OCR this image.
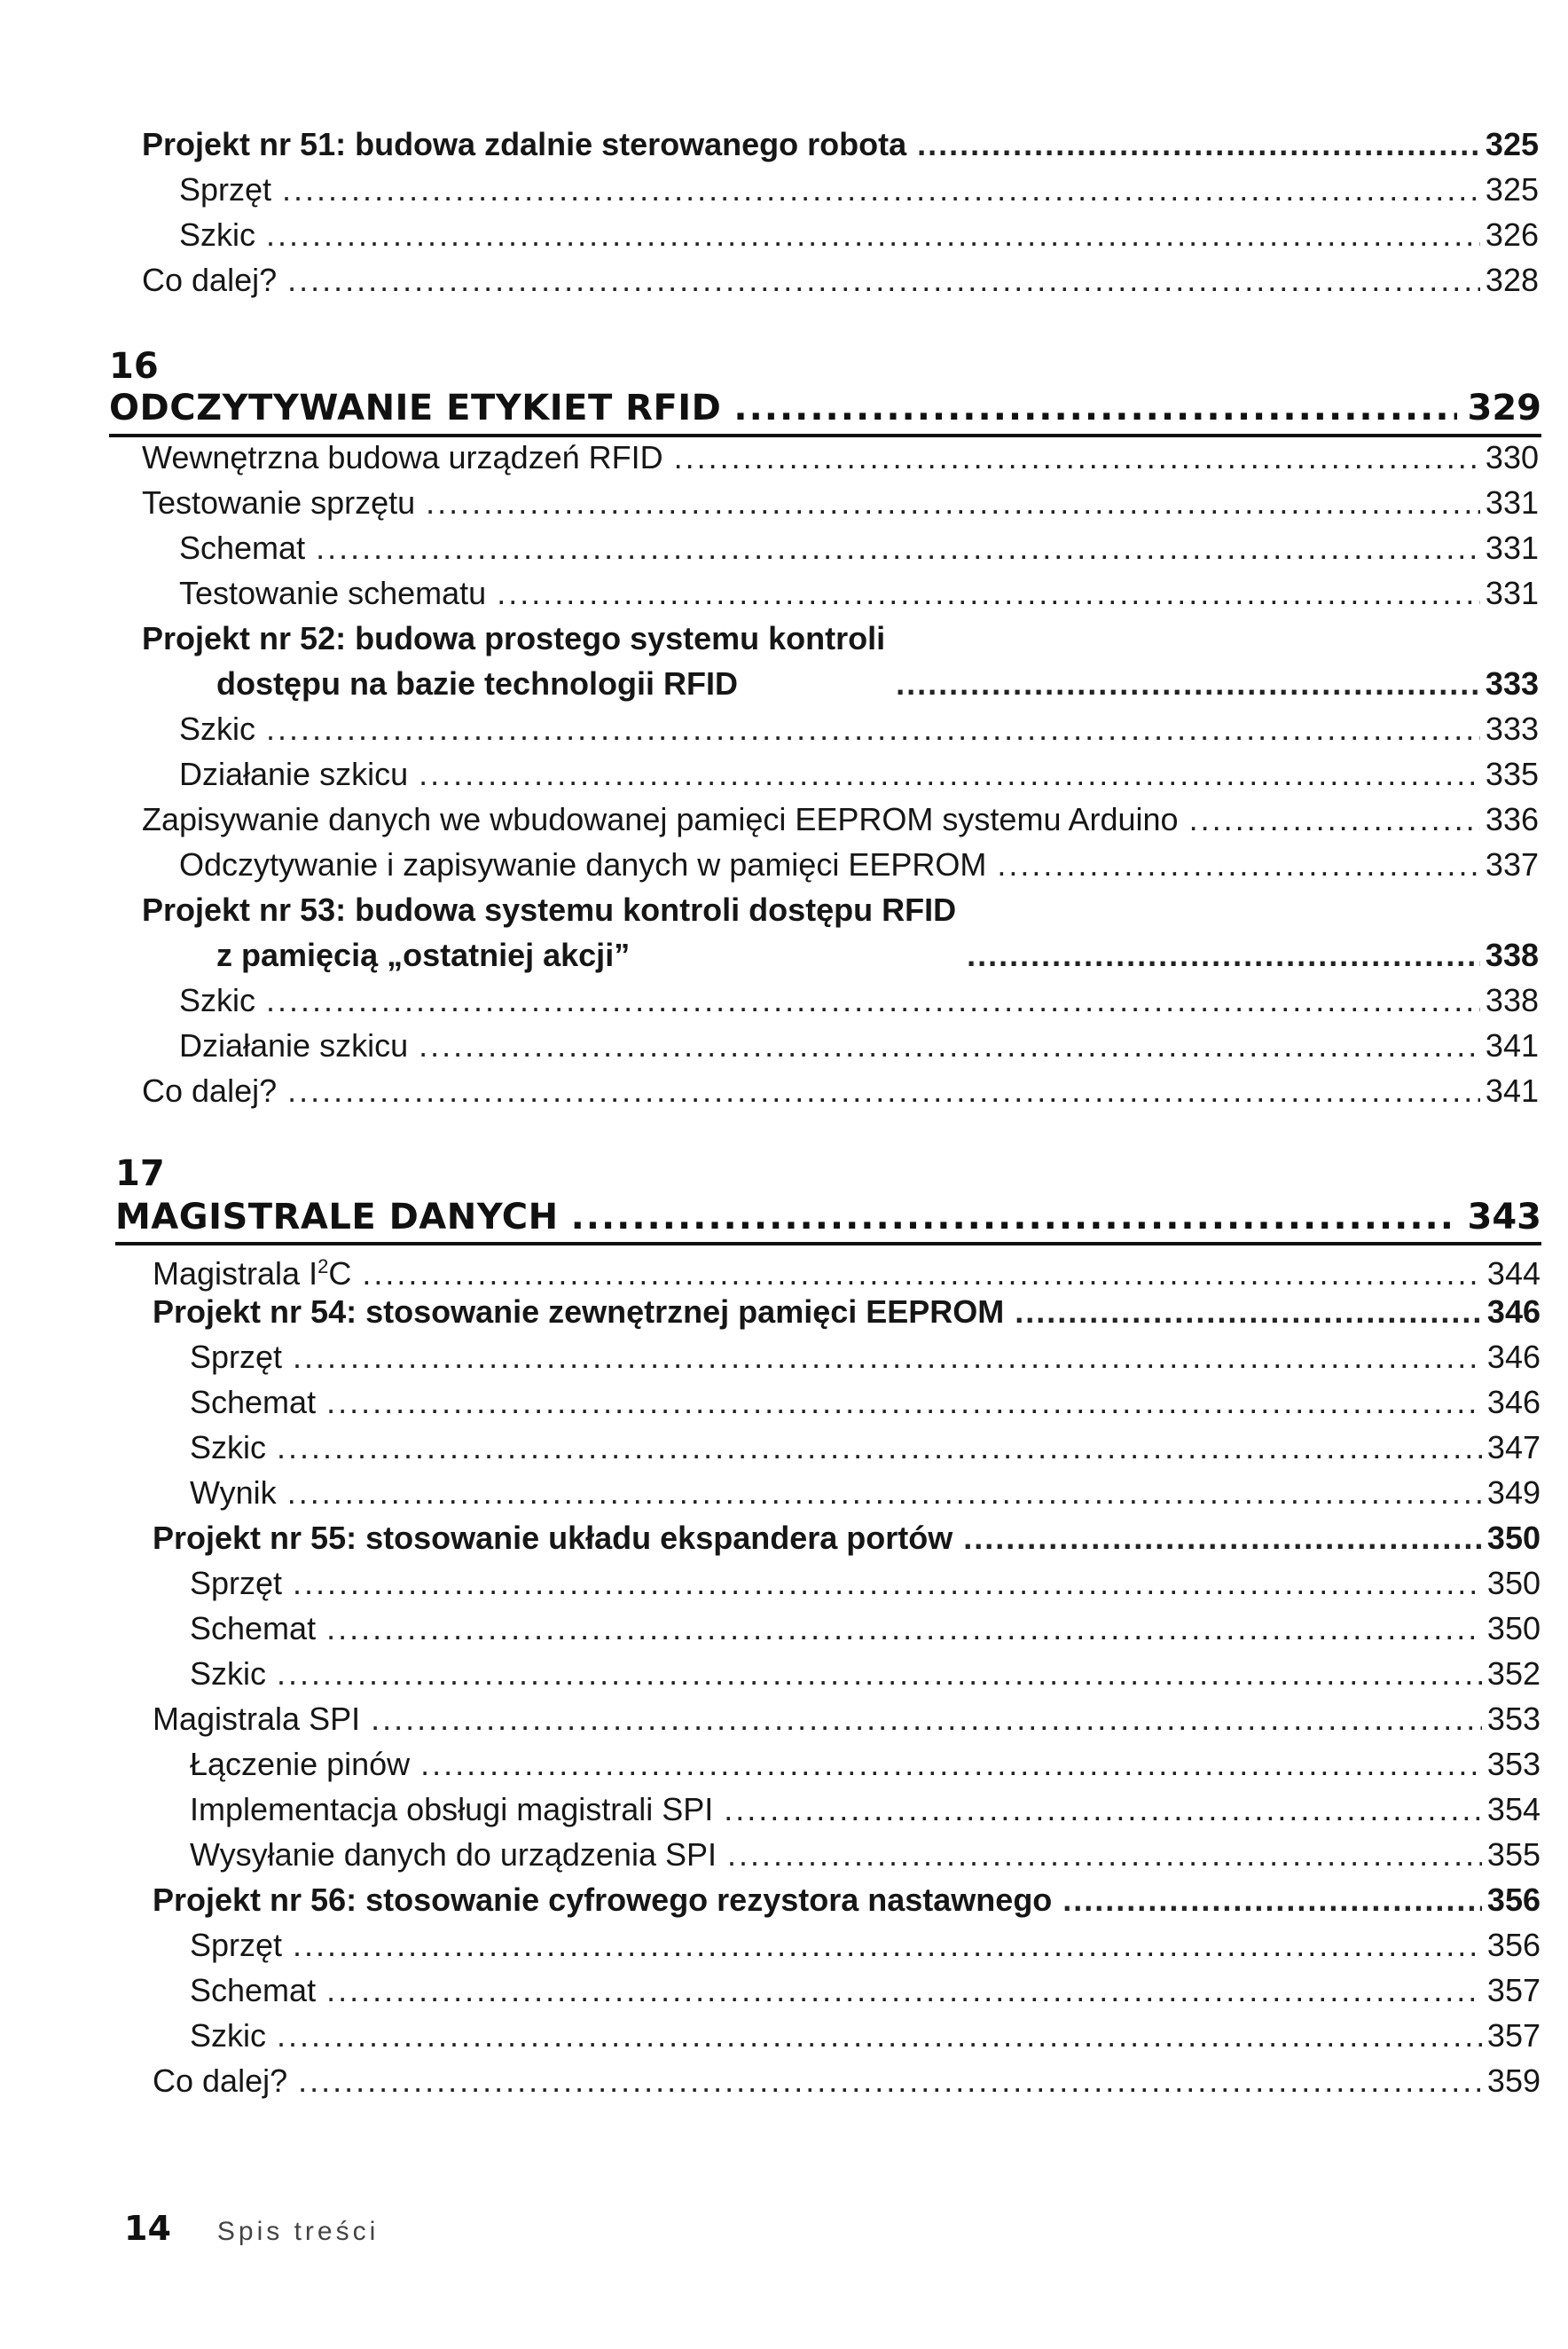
Projekt nr 51: budowa zdalnie sterowanego robota .....	325
Sprzęt .....	325
Szkic .....	326
Co dalej? .....	328
16
ODCZYTYWANIE ETYKIET RFID .....	329
Wewnętrzna budowa urządzeń RFID .....	330
Testowanie sprzętu .....	331
Schemat .....	331
Testowanie schematu .....	331
Projekt nr 52: budowa prostego systemu kontroli
dostępu na bazie technologii RFID .....	333
Szkic .....	333
Działanie szkicu .....	335
Zapisywanie danych we wbudowanej pamięci EEPROM systemu Arduino .....	336
Odczytywanie i zapisywanie danych w pamięci EEPROM .....	337
Projekt nr 53: budowa systemu kontroli dostępu RFID
z pamięcią „ostatniej akcji” .....	338
Szkic .....	338
Działanie szkicu .....	341
Co dalej? .....	341
17
MAGISTRALE DANYCH .....	343
Magistrala $I^2C$ .....	344
Projekt nr 54: stosowanie zewnętrznej pamięci EEPROM .....	346
Sprzęt .....	346
Schemat .....	346
Szkic .....	347
Wynik .....	349
Projekt nr 55: stosowanie układu ekspandera portów .....	350
Sprzęt .....	350
Schemat .....	350
Szkic .....	352
Magistrala SPI .....	353
Łączenie pinów .....	353
Implementacja obsługi magistrali SPI .....	354
Wysyłanie danych do urządzenia SPI .....	355
Projekt nr 56: stosowanie cyfrowego rezystora nastawnego .....	356
Sprzęt .....	356
Schemat .....	357
Szkic .....	357
Co dalej? .....	359
14 Spis treści
